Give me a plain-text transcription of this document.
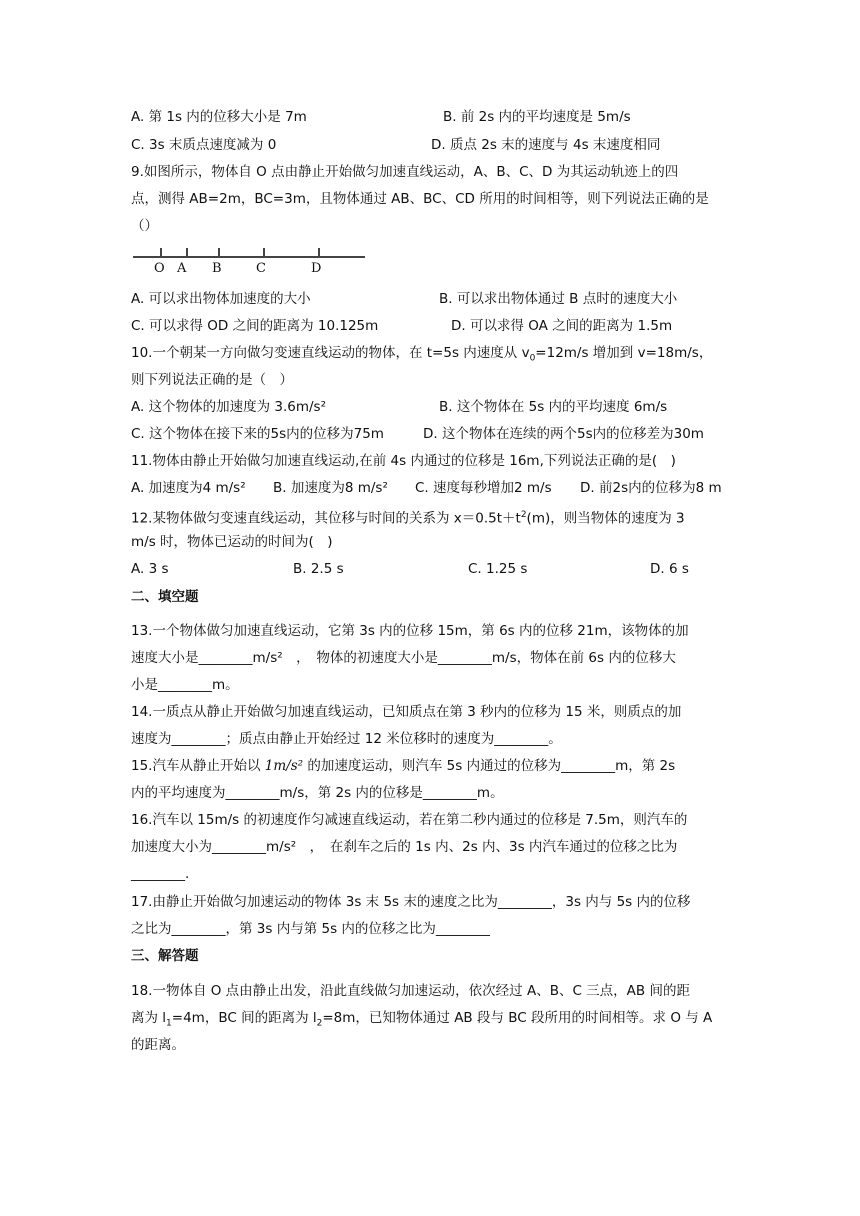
A. 第 1s 内的位移大小是 7m	B. 前 2s 内的平均速度是 5m/s
C. 3s 末质点速度减为 0	D. 质点 2s 末的速度与 4s 末速度相同
9.如图所示，物体自 O 点由静止开始做匀加速直线运动，A、B、C、D 为其运动轨迹上的四
点，测得 AB=2m，BC=3m，且物体通过 AB、BC、CD 所用的时间相等，则下列说法正确的是
（）
O A B	C	D
A. 可以求出物体加速度的大小	B. 可以求出物体通过 B 点时的速度大小
C. 可以求得 OD 之间的距离为 10.125m	D. 可以求得 OA 之间的距离为 1.5m
10.一个朝某一方向做匀变速直线运动的物体，在 t=5s 内速度从 $v_0=12m/s$ 增加到 v=18m/s，
则下列说法正确的是（　）
A. 这个物体的加速度为 3.6m/s²	B. 这个物体在 5s 内的平均速度 6m/s
C. 这个物体在接下来的5s内的位移为75m	D. 这个物体在连续的两个5s内的位移差为30m
11.物体由静止开始做匀加速直线运动,在前 4s 内通过的位移是 16m,下列说法正确的是(　)
A. 加速度为4 m/s² B. 加速度为8 m/s² C. 速度每秒增加2 m/s D. 前2s内的位移为8 m
12.某物体做匀变速直线运动，其位移与时间的关系为 $x=0.5t+t^2(m)$，则当物体的速度为 3
m/s 时，物体已运动的时间为(　)
A. 3 s	B. 2.5 s	C. 1.25 s	D. 6 s
二、填空题
13.一个物体做匀加速直线运动，它第 3s 内的位移 15m，第 6s 内的位移 21m，该物体的加
速度大小是________m/s²　，　物体的初速度大小是________m/s，物体在前 6s 内的位移大
小是________m。
14.一质点从静止开始做匀加速直线运动，已知质点在第 3 秒内的位移为 15 米，则质点的加
速度为________；质点由静止开始经过 12 米位移时的速度为________。
15.汽车从静止开始以 1m/s² 的加速度运动，则汽车 5s 内通过的位移为________m，第 2s
内的平均速度为________m/s，第 2s 内的位移是________m。
16.汽车以 15m/s 的初速度作匀减速直线运动，若在第二秒内通过的位移是 7.5m，则汽车的
加速度大小为________m/s²　，　在刹车之后的 1s 内、2s 内、3s 内汽车通过的位移之比为
________.
17.由静止开始做匀加速运动的物体 3s 末 5s 末的速度之比为________，3s 内与 5s 内的位移
之比为________，第 3s 内与第 5s 内的位移之比为________
三、解答题
18.一物体自 O 点由静止出发，沿此直线做匀加速运动，依次经过 A、B、C 三点，AB 间的距
离为 $l_1=4m$，BC 间的距离为 $l_2=8m$，已知物体通过 AB 段与 BC 段所用的时间相等。求 O 与 A
的距离。
